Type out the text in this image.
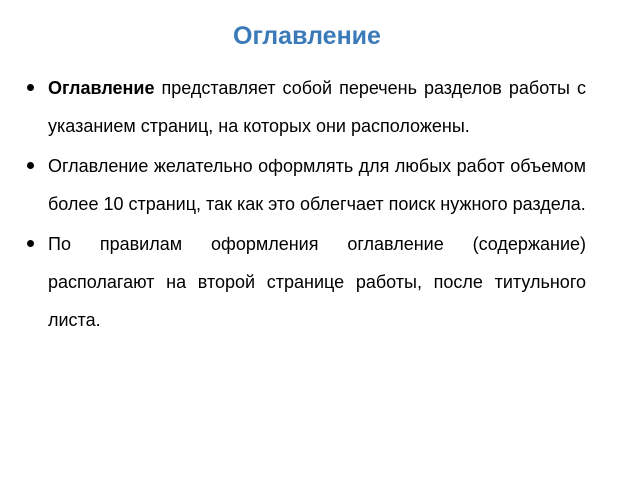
Оглавление
Оглавление представляет собой перечень разделов работы с указанием страниц, на которых они расположены.
Оглавление желательно оформлять для любых работ объемом более 10 страниц, так как это облегчает поиск нужного раздела.
По правилам оформления оглавление (содержание) располагают на второй странице работы, после титульного листа.
